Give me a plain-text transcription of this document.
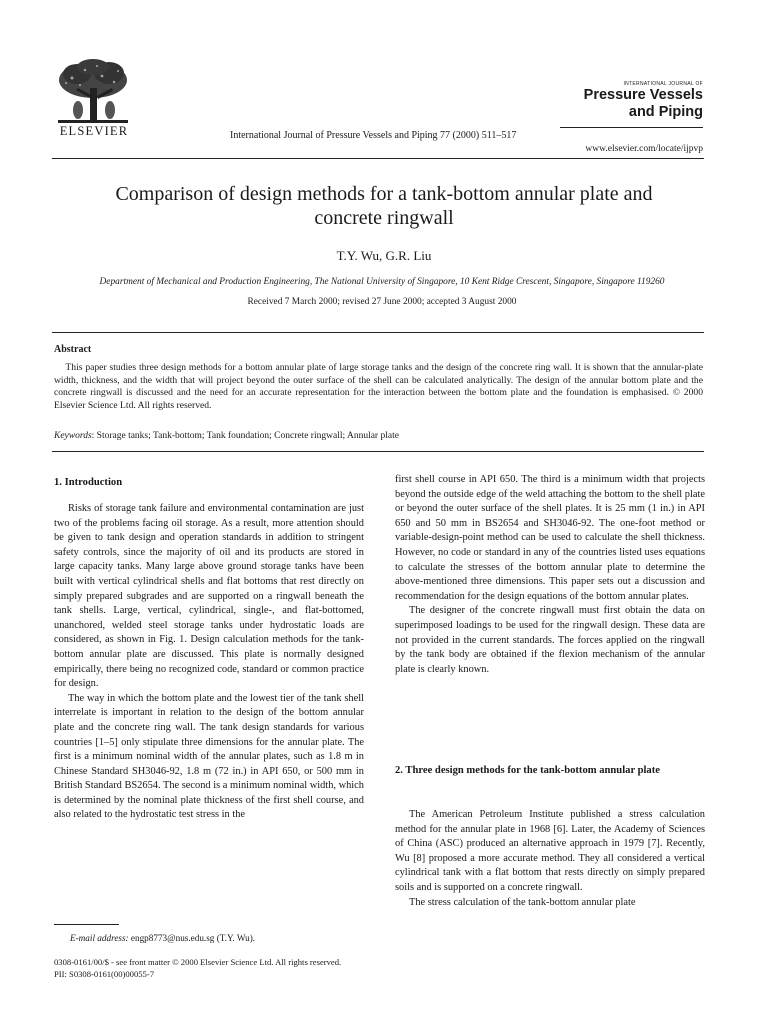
ELSEVIER	International Journal of Pressure Vessels and Piping 77 (2000) 511–517
INTERNATIONAL JOURNAL OF
Pressure Vessels
and Piping
www.elsevier.com/locate/ijpvp
Comparison of design methods for a tank-bottom annular plate and
concrete ringwall
T.Y. Wu, G.R. Liu
Department of Mechanical and Production Engineering, The National University of Singapore, 10 Kent Ridge Crescent, Singapore, Singapore 119260
Received 7 March 2000; revised 27 June 2000; accepted 3 August 2000
Abstract
This paper studies three design methods for a bottom annular plate of large storage tanks and the design of the concrete ring wall. It is shown that the annular-plate width, thickness, and the width that will project beyond the outer surface of the shell can be calculated analytically. The design of the annular bottom plate and the concrete ringwall is discussed and the need for an accurate representation for the interaction between the bottom plate and the foundation is emphasised. © 2000 Elsevier Science Ltd. All rights reserved.
Keywords: Storage tanks; Tank-bottom; Tank foundation; Concrete ringwall; Annular plate
1. Introduction

Risks of storage tank failure and environmental contamination are just two of the problems facing oil storage. As a result, more attention should be given to tank design and operation standards in addition to stringent safety controls, since the majority of oil and its products are stored in large capacity tanks. Many large above ground storage tanks have been built with vertical cylindrical shells and flat bottoms that rest directly on simply prepared subgrades and are supported on a ringwall beneath the tank shells. Large, vertical, cylindrical, single-, and flat-bottomed, unanchored, welded steel storage tanks under hydrostatic loads are considered, as shown in Fig. 1. Design calculation methods for the tank-bottom annular plate are discussed. This plate is normally designed empirically, there being no recognized code, standard or common practice for design.

The way in which the bottom plate and the lowest tier of the tank shell interrelate is important in relation to the design of the bottom annular plate and the concrete ring wall. The tank design standards for various countries [1–5] only stipulate three dimensions for the annular plate. The first is a minimum nominal width of the annular plates, such as 1.8 m in Chinese Standard SH3046-92, 1.8 m (72 in.) in API 650, or 500 mm in British Standard BS2654. The second is a minimum nominal width, which is determined by the nominal plate thickness of the first shell course, and also related to the hydrostatic test stress in the

first shell course in API 650. The third is a minimum width that projects beyond the outside edge of the weld attaching the bottom to the shell plate or beyond the outer surface of the shell plates. It is 25 mm (1 in.) in API 650 and 50 mm in BS2654 and SH3046-92. The one-foot method or variable-design-point method can be used to calculate the shell thickness. However, no code or standard in any of the countries listed uses equations to calculate the stresses of the bottom annular plate to determine the above-mentioned three dimensions. This paper sets out a discussion and recommendation for the design equations of the bottom annular plates.

The designer of the concrete ringwall must first obtain the data on superimposed loadings to be used for the ringwall design. These data are not provided in the current standards. The forces applied on the ringwall by the tank body are obtained if the flexion mechanism of the annular plate is clearly known.

2. Three design methods for the tank-bottom annular plate

The American Petroleum Institute published a stress calculation method for the annular plate in 1968 [6]. Later, the Academy of Sciences of China (ASC) produced an alternative approach in 1979 [7]. Recently, Wu [8] proposed a more accurate method. They all considered a vertical cylindrical tank with a flat bottom that rests directly on simply prepared soils and is supported on a concrete ringwall.

The stress calculation of the tank-bottom annular plate

E-mail address: engp8773@nus.edu.sg (T.Y. Wu).
0308-0161/00/$ - see front matter © 2000 Elsevier Science Ltd. All rights reserved.
PII: S0308-0161(00)00055-7
